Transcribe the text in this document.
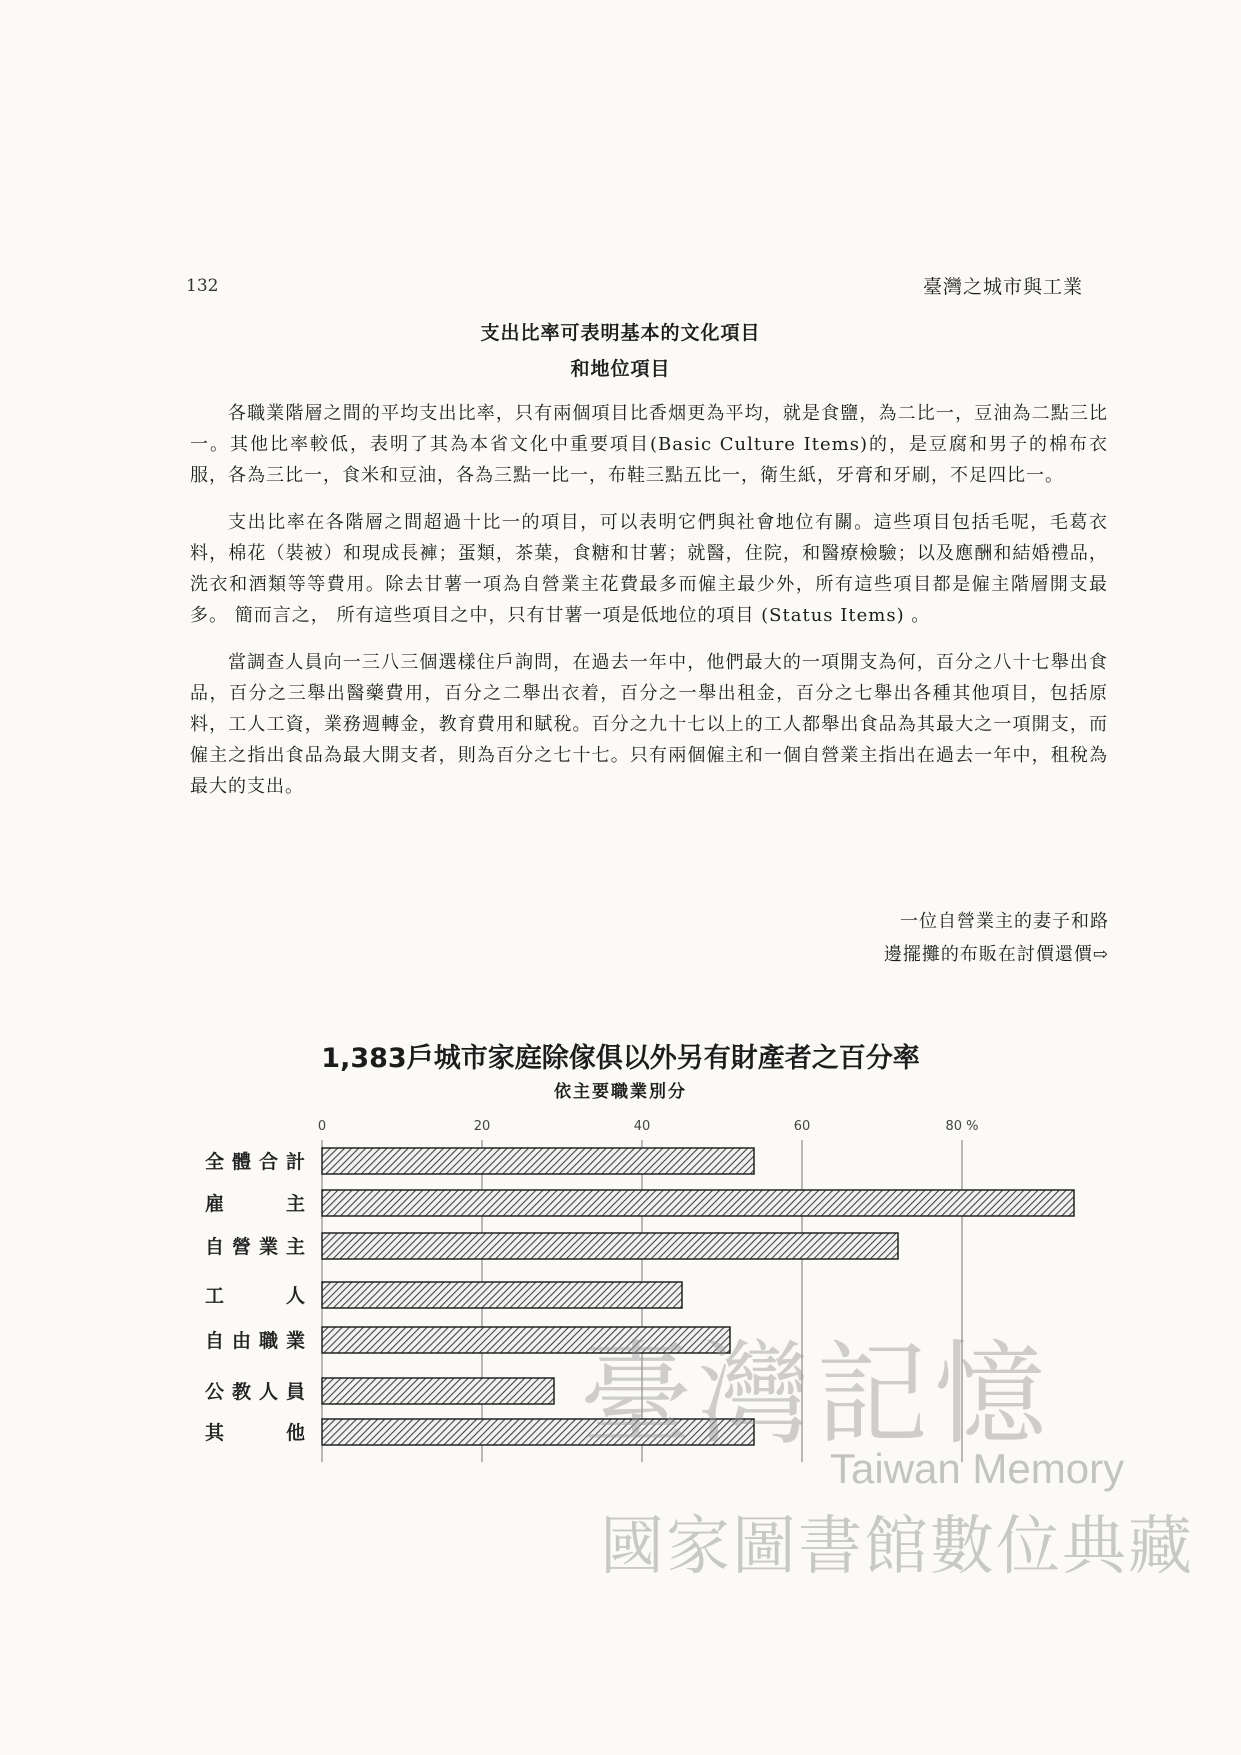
132	臺灣之城市與工業
支出比率可表明基本的文化項目
和地位項目

各職業階層之間的平均支出比率，只有兩個項目比香烟更為平均，就是食鹽，為二比一，豆油為二點三比一。其他比率較低，表明了其為本省文化中重要項目(Basic Culture Items)的，是豆腐和男子的棉布衣服，各為三比一，食米和豆油，各為三點一比一，布鞋三點五比一，衛生紙，牙膏和牙刷，不足四比一。

支出比率在各階層之間超過十比一的項目，可以表明它們與社會地位有關。這些項目包括毛呢，毛葛衣料，棉花（裝被）和現成長褲；蛋類，茶葉，食糖和甘薯；就醫，住院，和醫療檢驗；以及應酬和結婚禮品，洗衣和酒類等等費用。除去甘薯一項為自營業主花費最多而僱主最少外，所有這些項目都是僱主階層開支最多。 簡而言之， 所有這些項目之中，只有甘薯一項是低地位的項目 (Status Items) 。

當調查人員向一三八三個選樣住戶詢問，在過去一年中，他們最大的一項開支為何，百分之八十七舉出食品，百分之三舉出醫藥費用，百分之二舉出衣着，百分之一舉出租金，百分之七舉出各種其他項目，包括原料，工人工資，業務週轉金，教育費用和賦稅。百分之九十七以上的工人都舉出食品為其最大之一項開支，而僱主之指出食品為最大開支者，則為百分之七十七。只有兩個僱主和一個自營業主指出在過去一年中，租稅為最大的支出。

一位自營業主的妻子和路
邊擺攤的布販在討價還價⇨
1,383戶城市家庭除傢俱以外另有財產者之百分率
依主要職業別分
0	20	40	60	80 %
全體合計
雇　主
自營業主
工　人
自由職業
公教人員
其　他 臺灣記憶
Taiwan Memory
國家圖書館數位典藏
